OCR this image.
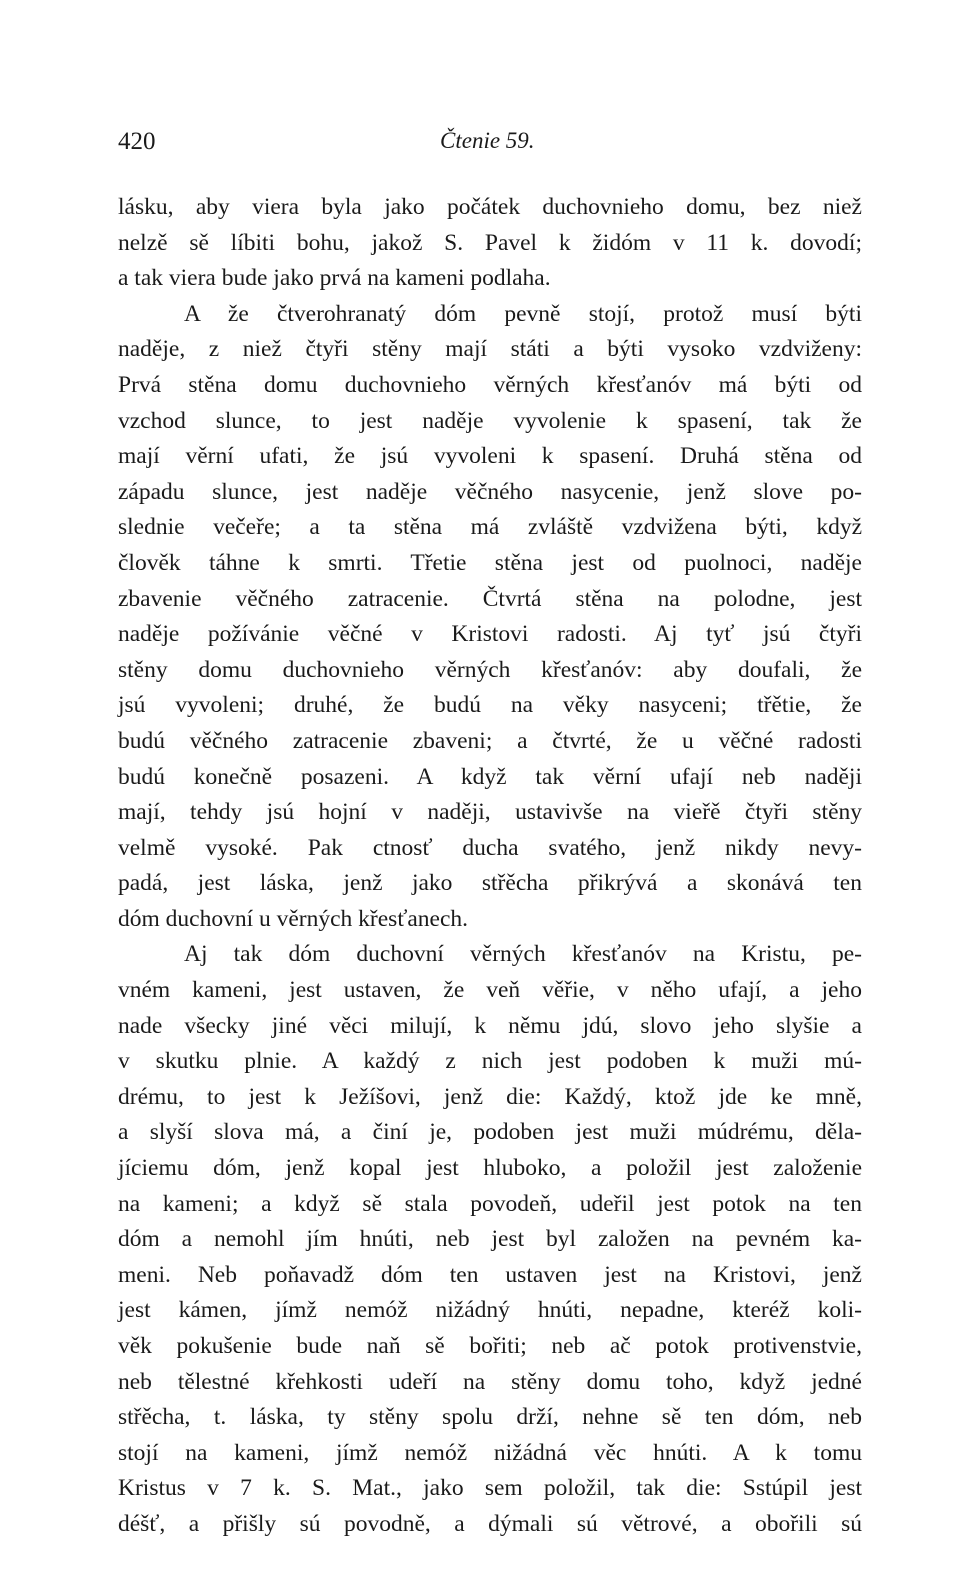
420	Čtenie 59.
lásku, aby viera byla jako počátek duchovnieho domu, bez niež
nelzě sě líbiti bohu, jakož S. Pavel k židóm v 11 k. dovodí;
a tak viera bude jako prvá na kameni podlaha.
A že čtverohranatý dóm pevně stojí, protož musí býti
naděje, z niež čtyři stěny mají státi a býti vysoko vzdviženy:
Prvá stěna domu duchovnieho věrných křesťanóv má býti od
vzchod slunce, to jest naděje vyvolenie k spasení, tak že
mají věrní ufati, že jsú vyvoleni k spasení. Druhá stěna od
západu slunce, jest naděje věčného nasycenie, jenž slove po-
slednie večeře; a ta stěna má zvláště vzdvižena býti, když
člověk táhne k smrti. Třetie stěna jest od puolnoci, naděje
zbavenie věčného zatracenie. Čtvrtá stěna na polodne, jest
naděje požívánie věčné v Kristovi radosti. Aj tyť jsú čtyři
stěny domu duchovnieho věrných křesťanóv: aby doufali, že
jsú vyvoleni; druhé, že budú na věky nasyceni; třětie, že
budú věčného zatracenie zbaveni; a čtvrté, že u věčné radosti
budú konečně posazeni. A když tak věrní ufají neb naději
mají, tehdy jsú hojní v naději, ustavivše na vieřě čtyři stěny
velmě vysoké. Pak ctnosť ducha svatého, jenž nikdy nevy-
padá, jest láska, jenž jako střěcha přikrývá a skonává ten
dóm duchovní u věrných křesťanech.
Aj tak dóm duchovní věrných křesťanóv na Kristu, pe-
vném kameni, jest ustaven, že veň věřie, v něho ufají, a jeho
nade všecky jiné věci milují, k němu jdú, slovo jeho slyšie a
v skutku plnie. A každý z nich jest podoben k muži mú-
drému, to jest k Ježíšovi, jenž die: Každý, ktož jde ke mně,
a slyší slova má, a činí je, podoben jest muži múdrému, děla-
jíciemu dóm, jenž kopal jest hluboko, a položil jest založenie
na kameni; a když sě stala povodeň, udeřil jest potok na ten
dóm a nemohl jím hnúti, neb jest byl založen na pevném ka-
meni. Neb poňavadž dóm ten ustaven jest na Kristovi, jenž
jest kámen, jímž nemóž nižádný hnúti, nepadne, kteréž koli-
věk pokušenie bude naň sě bořiti; neb ač potok protivenstvie,
neb tělestné křehkosti udeří na stěny domu toho, když jedné
střěcha, t. láska, ty stěny spolu drží, nehne sě ten dóm, neb
stojí na kameni, jímž nemóž nižádná věc hnúti. A k tomu
Kristus v 7 k. S. Mat., jako sem položil, tak die: Sstúpil jest
déšť, a přišly sú povodně, a dýmali sú větrové, a obořili sú
